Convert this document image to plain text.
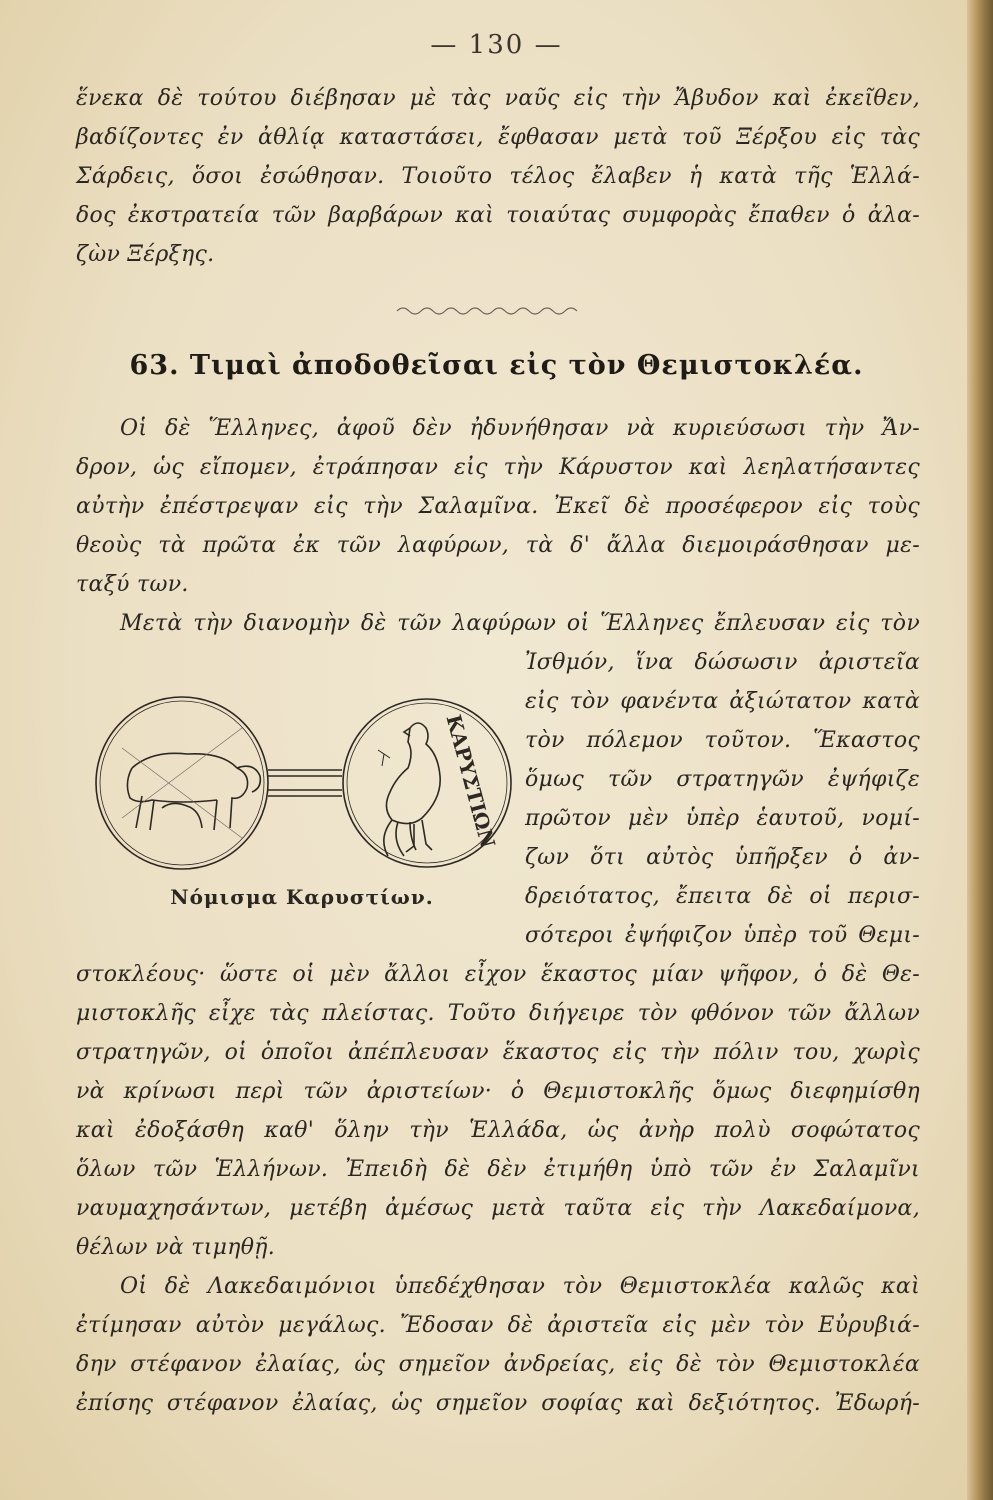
— 130 —
ἕνεκα δὲ τούτου διέβησαν μὲ τὰς ναῦς εἰς τὴν Ἄβυδον καὶ ἐκεῖθεν,
βαδίζοντες ἐν ἀθλίᾳ καταστάσει, ἔφθασαν μετὰ τοῦ Ξέρξου εἰς τὰς
Σάρδεις, ὅσοι ἐσώθησαν. Τοιοῦτο τέλος ἔλαβεν ἡ κατὰ τῆς Ἑλλά-
δος ἐκστρατεία τῶν βαρβάρων καὶ τοιαύτας συμφορὰς ἔπαθεν ὁ ἀλα-
ζὼν Ξέρξης.
63. Τιμαὶ ἀποδοθεῖσαι εἰς τὸν Θεμιστοκλέα.
Οἱ δὲ Ἕλληνες, ἀφοῦ δὲν ἠδυνήθησαν νὰ κυριεύσωσι τὴν Ἄν-
δρον, ὡς εἴπομεν, ἐτράπησαν εἰς τὴν Κάρυστον καὶ λεηλατήσαντες
αὐτὴν ἐπέστρεψαν εἰς τὴν Σαλαμῖνα. Ἐκεῖ δὲ προσέφερον εἰς τοὺς
θεοὺς τὰ πρῶτα ἐκ τῶν λαφύρων, τὰ δ' ἄλλα διεμοιράσθησαν με-
ταξύ των.
Μετὰ τὴν διανομὴν δὲ τῶν λαφύρων οἱ Ἕλληνες ἔπλευσαν εἰς τὸν
Ἰσθμόν, ἵνα δώσωσιν ἀριστεῖα
εἰς τὸν φανέντα ἀξιώτατον κατὰ
τὸν πόλεμον τοῦτον. Ἕκαστος
ὅμως τῶν στρατηγῶν ἐψήφιζε
πρῶτον μὲν ὑπὲρ ἑαυτοῦ, νομί-
ζων ὅτι αὐτὸς ὑπῆρξεν ὁ ἀν-
δρειότατος, ἔπειτα δὲ οἱ περισ-
σότεροι ἐψήφιζον ὑπὲρ τοῦ Θεμι-
στοκλέους· ὥστε οἱ μὲν ἄλλοι εἶχον ἕκαστος μίαν ψῆφον, ὁ δὲ Θε-
μιστοκλῆς εἶχε τὰς πλείστας. Τοῦτο διήγειρε τὸν φθόνον τῶν ἄλλων
στρατηγῶν, οἱ ὁποῖοι ἀπέπλευσαν ἕκαστος εἰς τὴν πόλιν του, χωρὶς
νὰ κρίνωσι περὶ τῶν ἀριστείων· ὁ Θεμιστοκλῆς ὅμως διεφημίσθη
καὶ ἐδοξάσθη καθ' ὅλην τὴν Ἑλλάδα, ὡς ἀνὴρ πολὺ σοφώτατος
ὅλων τῶν Ἑλλήνων. Ἐπειδὴ δὲ δὲν ἐτιμήθη ὑπὸ τῶν ἐν Σαλαμῖνι
ναυμαχησάντων, μετέβη ἀμέσως μετὰ ταῦτα εἰς τὴν Λακεδαίμονα,
θέλων νὰ τιμηθῇ.
ΚΑΡΥΣΤΙΩΝ
Νόμισμα Καρυστίων.
Οἱ δὲ Λακεδαιμόνιοι ὑπεδέχθησαν τὸν Θεμιστοκλέα καλῶς καὶ
ἐτίμησαν αὐτὸν μεγάλως. Ἔδοσαν δὲ ἀριστεῖα εἰς μὲν τὸν Εὐρυβιά-
δην στέφανον ἐλαίας, ὡς σημεῖον ἀνδρείας, εἰς δὲ τὸν Θεμιστοκλέα
ἐπίσης στέφανον ἐλαίας, ὡς σημεῖον σοφίας καὶ δεξιότητος. Ἐδωρή-
